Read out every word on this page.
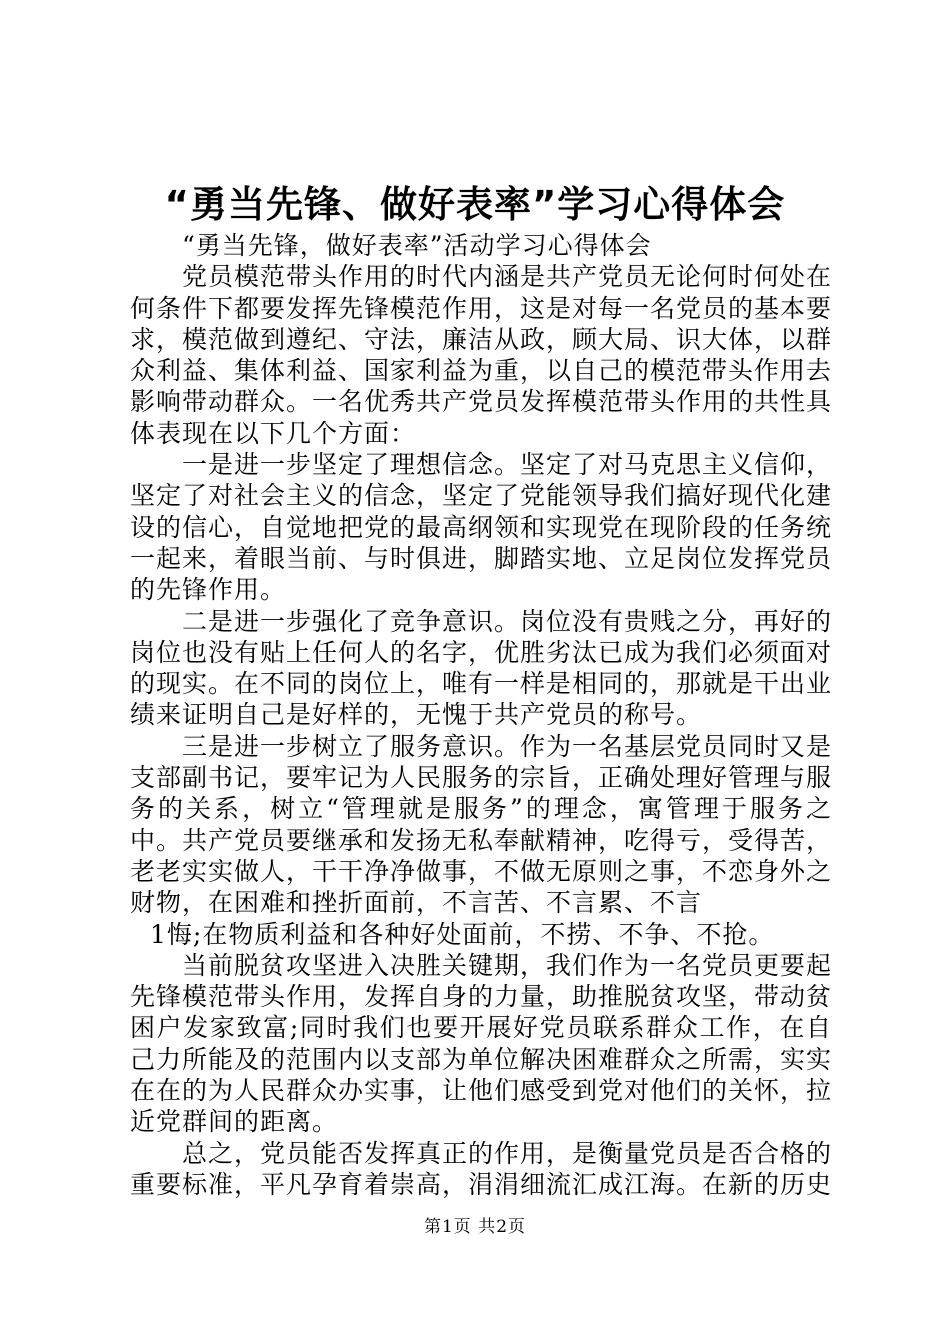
“勇当先锋、做好表率”学习心得体会

“勇当先锋，做好表率”活动学习心得体会

党员模范带头作用的时代内涵是共产党员无论何时何处在何条件下都要发挥先锋模范作用，这是对每一名党员的基本要求，模范做到遵纪、守法，廉洁从政，顾大局、识大体，以群众利益、集体利益、国家利益为重，以自己的模范带头作用去影响带动群众。一名优秀共产党员发挥模范带头作用的共性具体表现在以下几个方面：

一是进一步坚定了理想信念。坚定了对马克思主义信仰，坚定了对社会主义的信念，坚定了党能领导我们搞好现代化建设的信心，自觉地把党的最高纲领和实现党在现阶段的任务统一起来，着眼当前、与时俱进，脚踏实地、立足岗位发挥党员的先锋作用。

二是进一步强化了竞争意识。岗位没有贵贱之分，再好的岗位也没有贴上任何人的名字，优胜劣汰已成为我们必须面对的现实。在不同的岗位上，唯有一样是相同的，那就是干出业绩来证明自己是好样的，无愧于共产党员的称号。

三是进一步树立了服务意识。作为一名基层党员同时又是支部副书记，要牢记为人民服务的宗旨，正确处理好管理与服务的关系，树立“管理就是服务”的理念，寓管理于服务之中。共产党员要继承和发扬无私奉献精神，吃得亏，受得苦，老老实实做人，干干净净做事，不做无原则之事，不恋身外之财物，在困难和挫折面前，不言苦、不言累、不言

1悔;在物质利益和各种好处面前，不捞、不争、不抢。

当前脱贫攻坚进入决胜关键期，我们作为一名党员更要起先锋模范带头作用，发挥自身的力量，助推脱贫攻坚，带动贫困户发家致富;同时我们也要开展好党员联系群众工作，在自己力所能及的范围内以支部为单位解决困难群众之所需，实实在在的为人民群众办实事，让他们感受到党对他们的关怀，拉近党群间的距离。

总之，党员能否发挥真正的作用，是衡量党员是否合格的重要标准，平凡孕育着崇高，涓涓细流汇成江海。在新的历史

第1页 共2页
